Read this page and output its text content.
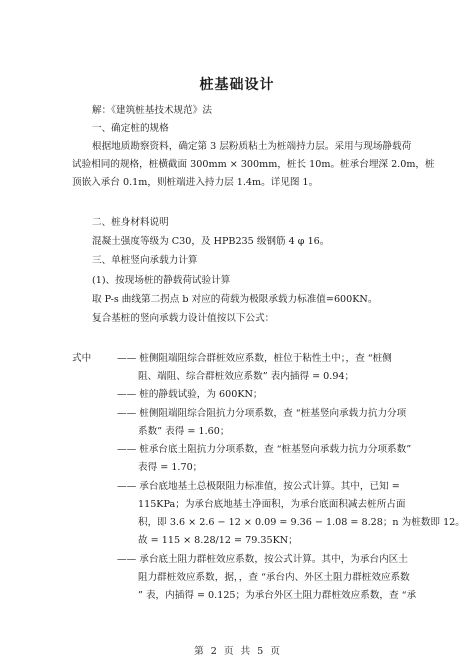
桩基础设计
解：《建筑桩基技术规范》法
一、确定桩的规格
根据地质勘察资料，确定第 3 层粉质粘土为桩端持力层。采用与现场静载荷
试验相同的规格，桩横截面 300mm × 300mm，桩长 10m。桩承台埋深 2.0m，桩
顶嵌入承台 0.1m，则桩端进入持力层 1.4m。详见图 1。
二、桩身材料说明
混凝土强度等级为 C30，及 HPB235 级钢筋 4 φ 16。
三、单桩竖向承载力计算
(1)、按现场桩的静载荷试验计算
取 P-s 曲线第二拐点 b 对应的荷载为极限承载力标准值=600KN。
复合基桩的竖向承载力设计值按以下公式：
式中	—— 桩侧阻端阻综合群桩效应系数，桩位于粘性土中；，查 “桩侧
阻、端阻、综合群桩效应系数” 表内插得 = 0.94；
—— 桩的静载试验，为 600KN；
—— 桩侧阻端阻综合阻抗力分项系数，查 “桩基竖向承载力抗力分项
系数” 表得 = 1.60；
—— 桩承台底土阻抗力分项系数，查 “桩基竖向承载力抗力分项系数”
表得 = 1.70；
—— 承台底地基土总极限阻力标准值，按公式计算。其中，已知 =
115KPa；为承台底地基土净面积，为承台底面积减去桩所占面
积，即 3.6 × 2.6 − 12 × 0.09 = 9.36 − 1.08 = 8.28；n 为桩数即 12。
故 = 115 × 8.28/12 = 79.35KN；
—— 承台底土阻力群桩效应系数，按公式计算。其中，为承台内区土
阻力群桩效应系数，据，，查 “承台内、外区土阻力群桩效应系数
” 表，内插得 = 0.125；为承台外区土阻力群桩效应系数，查 “承
第 2 页 共 5 页
